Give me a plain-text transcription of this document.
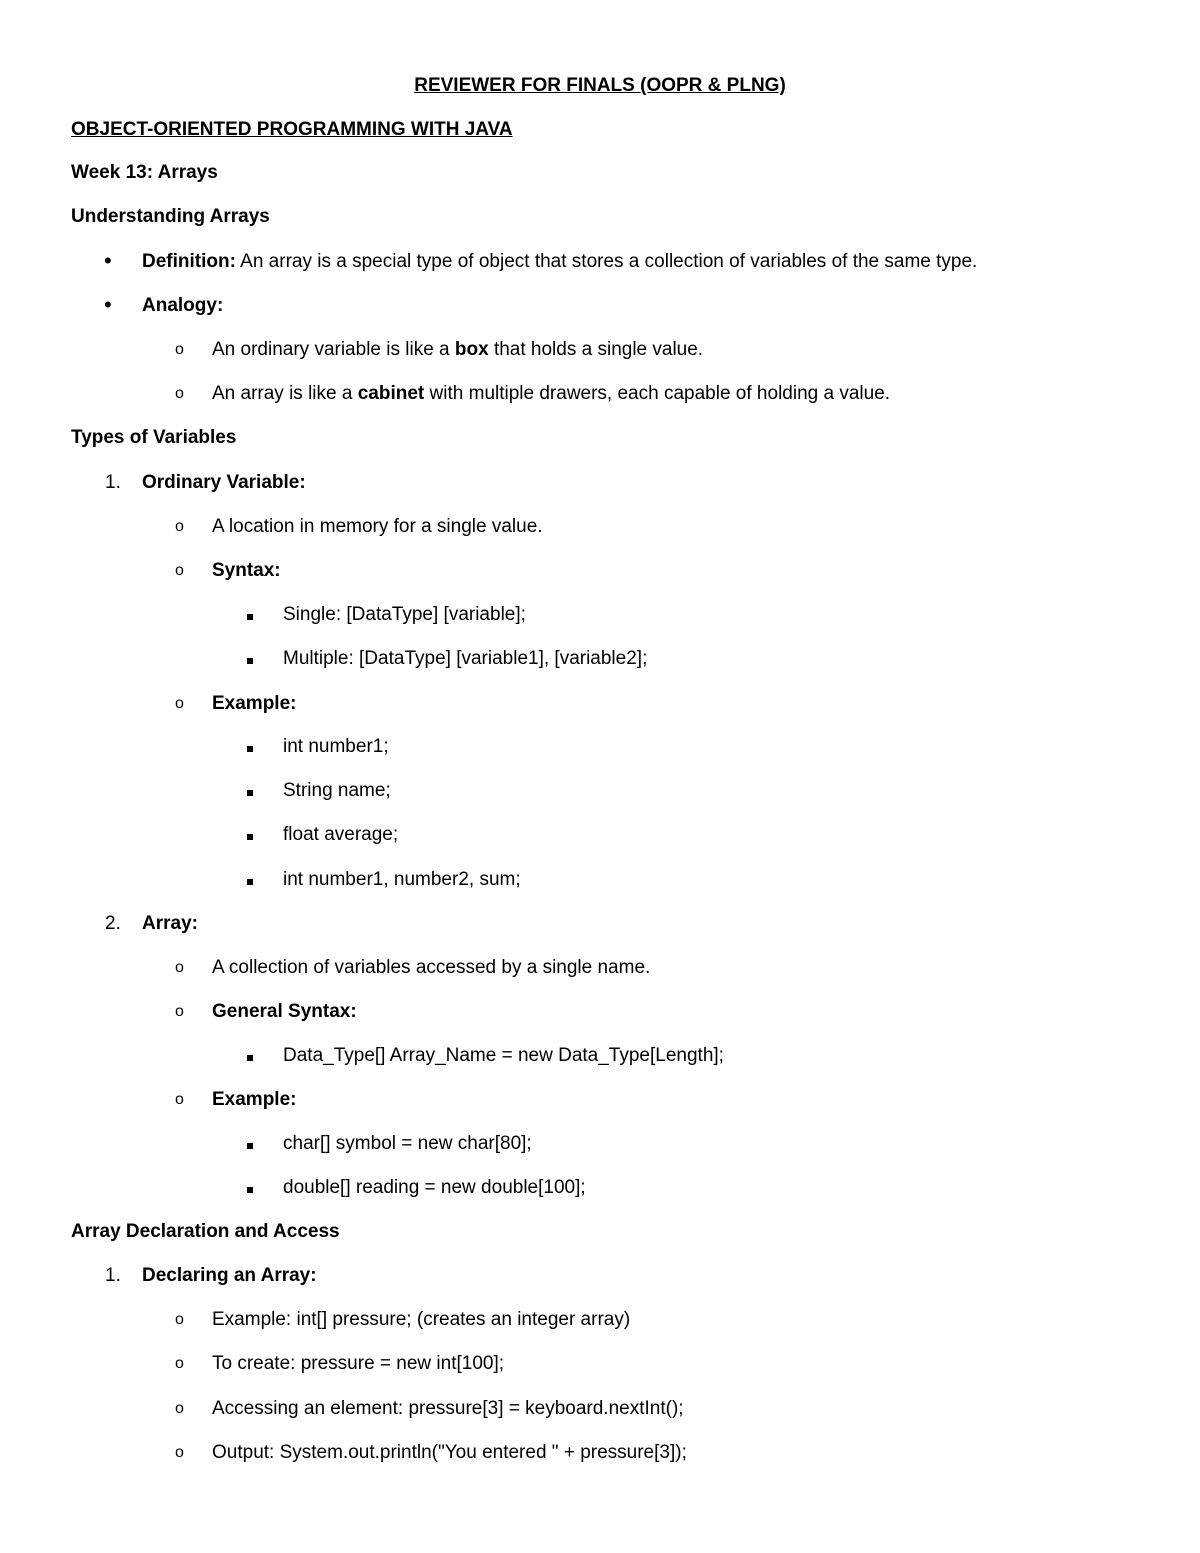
REVIEWER FOR FINALS (OOPR & PLNG)
OBJECT-ORIENTED PROGRAMMING WITH JAVA
Week 13: Arrays
Understanding Arrays
• Definition: An array is a special type of object that stores a collection of variables of the same type.
• Analogy:
o An ordinary variable is like a box that holds a single value.
o An array is like a cabinet with multiple drawers, each capable of holding a value.
Types of Variables
1. Ordinary Variable:
o A location in memory for a single value.
o Syntax:
Single: [DataType] [variable];
Multiple: [DataType] [variable1], [variable2];
o Example:
int number1;
String name;
float average;
int number1, number2, sum;
2. Array:
o A collection of variables accessed by a single name.
o General Syntax:
Data_Type[] Array_Name = new Data_Type[Length];
o Example:
char[] symbol = new char[80];
double[] reading = new double[100];
Array Declaration and Access
1. Declaring an Array:
o Example: int[] pressure; (creates an integer array)
o To create: pressure = new int[100];
o Accessing an element: pressure[3] = keyboard.nextInt();
o Output: System.out.println("You entered " + pressure[3]);
